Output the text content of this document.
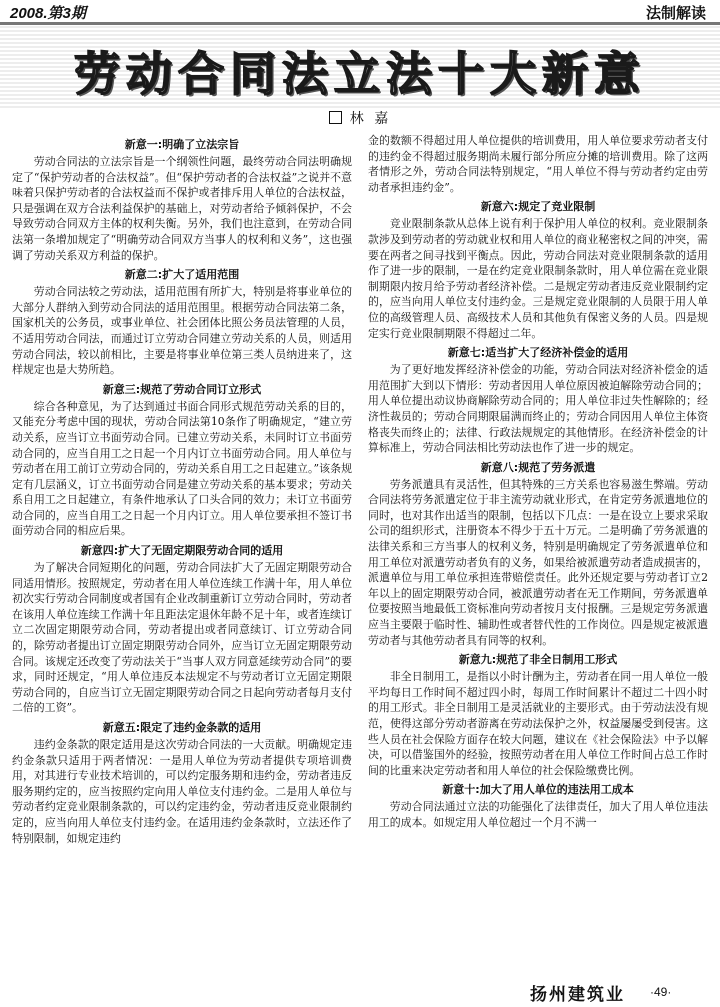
2008.第3期	法制解读
劳动合同法立法十大新意
林 嘉
新意一:明确了立法宗旨

劳动合同法的立法宗旨是一个纲领性问题，最终劳动合同法明确规定了“保护劳动者的合法权益”。但“保护劳动者的合法权益”之说并不意味着只保护劳动者的合法权益而不保护或者排斥用人单位的合法权益，只是强调在双方合法利益保护的基础上，对劳动者给予倾斜保护，不会导致劳动合同双方主体的权利失衡。另外，我们也注意到，在劳动合同法第一条增加规定了“明确劳动合同双方当事人的权利和义务”，这也强调了劳动关系双方利益的保护。

新意二:扩大了适用范围

劳动合同法较之劳动法，适用范围有所扩大，特别是将事业单位的大部分人群纳入到劳动合同法的适用范围里。根据劳动合同法第二条，国家机关的公务员，或事业单位、社会团体比照公务员法管理的人员，不适用劳动合同法，而通过订立劳动合同建立劳动关系的人员，则适用劳动合同法，较以前相比，主要是将事业单位第三类人员纳进来了，这样规定也是大势所趋。

新意三:规范了劳动合同订立形式

综合各种意见，为了达到通过书面合同形式规范劳动关系的目的，又能充分考虑中国的现状，劳动合同法第10条作了明确规定，“建立劳动关系，应当订立书面劳动合同。已建立劳动关系，未同时订立书面劳动合同的，应当自用工之日起一个月内订立书面劳动合同。用人单位与劳动者在用工前订立劳动合同的，劳动关系自用工之日起建立。”该条规定有几层涵义，订立书面劳动合同是建立劳动关系的基本要求；劳动关系自用工之日起建立，有条件地承认了口头合同的效力；未订立书面劳动合同的，应当自用工之日起一个月内订立。用人单位要承担不签订书面劳动合同的相应后果。

新意四:扩大了无固定期限劳动合同的适用

为了解决合同短期化的问题，劳动合同法扩大了无固定期限劳动合同适用情形。按照规定，劳动者在用人单位连续工作满十年，用人单位初次实行劳动合同制度或者国有企业改制重新订立劳动合同时，劳动者在该用人单位连续工作满十年且距法定退休年龄不足十年，或者连续订立二次固定期限劳动合同，劳动者提出或者同意续订、订立劳动合同的，除劳动者提出订立固定期限劳动合同外，应当订立无固定期限劳动合同。该规定还改变了劳动法关于“当事人双方同意延续劳动合同”的要求，同时还规定，“用人单位违反本法规定不与劳动者订立无固定期限劳动合同的，自应当订立无固定期限劳动合同之日起向劳动者每月支付二倍的工资”。

新意五:限定了违约金条款的适用

违约金条款的限定适用是这次劳动合同法的一大贡献。明确规定违约金条款只适用于两者情况：一是用人单位为劳动者提供专项培训费用，对其进行专业技术培训的，可以约定服务期和违约金，劳动者违反服务期约定的，应当按照约定向用人单位支付违约金。二是用人单位与劳动者约定竞业限制条款的，可以约定违约金，劳动者违反竞业限制约定的，应当向用人单位支付违约金。在适用违约金条款时，立法还作了特别限制，如规定违约

金的数额不得超过用人单位提供的培训费用，用人单位要求劳动者支付的违约金不得超过服务期尚未履行部分所应分摊的培训费用。除了这两者情形之外，劳动合同法特别规定，“用人单位不得与劳动者约定由劳动者承担违约金”。

新意六:规定了竞业限制

竞业限制条款从总体上说有利于保护用人单位的权利。竞业限制条款涉及到劳动者的劳动就业权和用人单位的商业秘密权之间的冲突，需要在两者之间寻找到平衡点。因此，劳动合同法对竞业限制条款的适用作了进一步的限制，一是在约定竞业限制条款时，用人单位需在竞业限制期限内按月给予劳动者经济补偿。二是规定劳动者违反竞业限制约定的，应当向用人单位支付违约金。三是规定竞业限制的人员限于用人单位的高级管理人员、高级技术人员和其他负有保密义务的人员。四是规定实行竞业限制期限不得超过二年。

新意七:适当扩大了经济补偿金的适用

为了更好地发挥经济补偿金的功能，劳动合同法对经济补偿金的适用范围扩大到以下情形：劳动者因用人单位原因被迫解除劳动合同的；用人单位提出动议协商解除劳动合同的；用人单位非过失性解除的；经济性裁员的；劳动合同期限届满而终止的；劳动合同因用人单位主体资格丧失而终止的；法律、行政法规规定的其他情形。在经济补偿金的计算标准上，劳动合同法相比劳动法也作了进一步的规定。

新意八:规范了劳务派遣

劳务派遣具有灵活性，但其特殊的三方关系也容易滋生弊端。劳动合同法将劳务派遣定位于非主流劳动就业形式，在肯定劳务派遣地位的同时，也对其作出适当的限制，包括以下几点：一是在设立上要求采取公司的组织形式，注册资本不得少于五十万元。二是明确了劳务派遣的法律关系和三方当事人的权利义务，特别是明确规定了劳务派遣单位和用工单位对派遣劳动者负有的义务，如果给被派遣劳动者造成损害的，派遣单位与用工单位承担连带赔偿责任。此外还规定要与劳动者订立2年以上的固定期限劳动合同，被派遣劳动者在无工作期间，劳务派遣单位要按照当地最低工资标准向劳动者按月支付报酬。三是规定劳务派遣应当主要限于临时性、辅助性或者替代性的工作岗位。四是规定被派遣劳动者与其他劳动者具有同等的权利。

新意九:规范了非全日制用工形式

非全日制用工，是指以小时计酬为主，劳动者在同一用人单位一般平均每日工作时间不超过四小时，每周工作时间累计不超过二十四小时的用工形式。非全日制用工是灵活就业的主要形式。由于劳动法没有规范，使得这部分劳动者游离在劳动法保护之外，权益屡屡受到侵害。这些人员在社会保险方面存在较大问题，建议在《社会保险法》中予以解决，可以借鉴国外的经验，按照劳动者在用人单位工作时间占总工作时间的比重来决定劳动者和用人单位的社会保险缴费比例。

新意十:加大了用人单位的违法用工成本

劳动合同法通过立法的功能强化了法律责任，加大了用人单位违法用工的成本。如规定用人单位超过一个月不满一

扬州建筑业 ·49·
